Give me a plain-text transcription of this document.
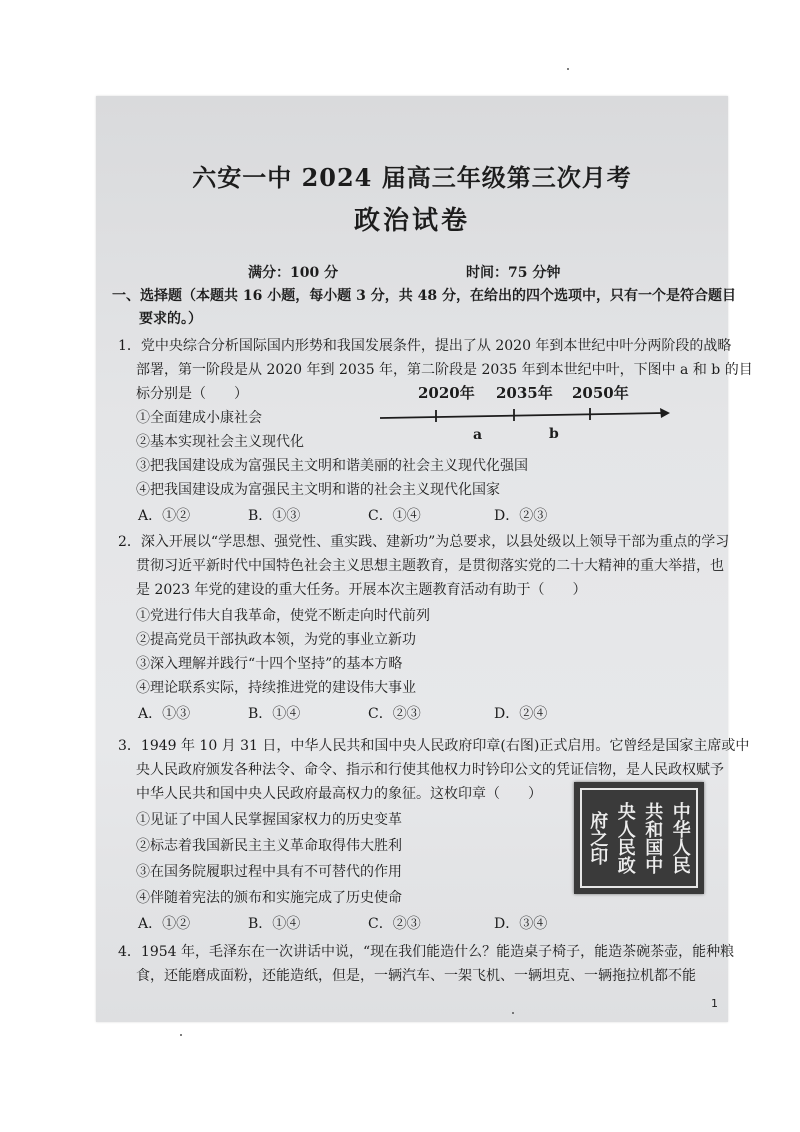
六安一中 2024 届高三年级第三次月考
政治试卷
满分：100 分	时间：75 分钟
一、选择题（本题共 16 小题，每小题 3 分，共 48 分，在给出的四个选项中，只有一个是符合题目
要求的。）
1．党中央综合分析国际国内形势和我国发展条件，提出了从 2020 年到本世纪中叶分两阶段的战略
部署，第一阶段是从 2020 年到 2035 年，第二阶段是 2035 年到本世纪中叶，下图中 a 和 b 的目
标分别是（　　）
①全面建成小康社会
②基本实现社会主义现代化
③把我国建设成为富强民主文明和谐美丽的社会主义现代化强国
④把我国建设成为富强民主文明和谐的社会主义现代化国家
A．①②	B．①③	C．①④	D．②③
2020年 2035年 2050年
a	b
2．深入开展以“学思想、强党性、重实践、建新功”为总要求，以县处级以上领导干部为重点的学习
贯彻习近平新时代中国特色社会主义思想主题教育，是贯彻落实党的二十大精神的重大举措，也
是 2023 年党的建设的重大任务。开展本次主题教育活动有助于（　　）
①党进行伟大自我革命，使党不断走向时代前列
②提高党员干部执政本领，为党的事业立新功
③深入理解并践行“十四个坚持”的基本方略
④理论联系实际，持续推进党的建设伟大事业
A．①③	B．①④	C．②③	D．②④
3．1949 年 10 月 31 日，中华人民共和国中央人民政府印章(右图)正式启用。它曾经是国家主席或中
央人民政府颁发各种法令、命令、指示和行使其他权力时钤印公文的凭证信物，是人民政权赋予
中华人民共和国中央人民政府最高权力的象征。这枚印章（　　）
①见证了中国人民掌握国家权力的历史变革
②标志着我国新民主主义革命取得伟大胜利
③在国务院履职过程中具有不可替代的作用
④伴随着宪法的颁布和实施完成了历史使命
A．①②	B．①④	C．②③	D．③④
中华人民
共和国中
央人民政
府之印
4．1954 年，毛泽东在一次讲话中说，“现在我们能造什么？能造桌子椅子，能造茶碗茶壶，能种粮
食，还能磨成面粉，还能造纸，但是，一辆汽车、一架飞机、一辆坦克、一辆拖拉机都不能
1
